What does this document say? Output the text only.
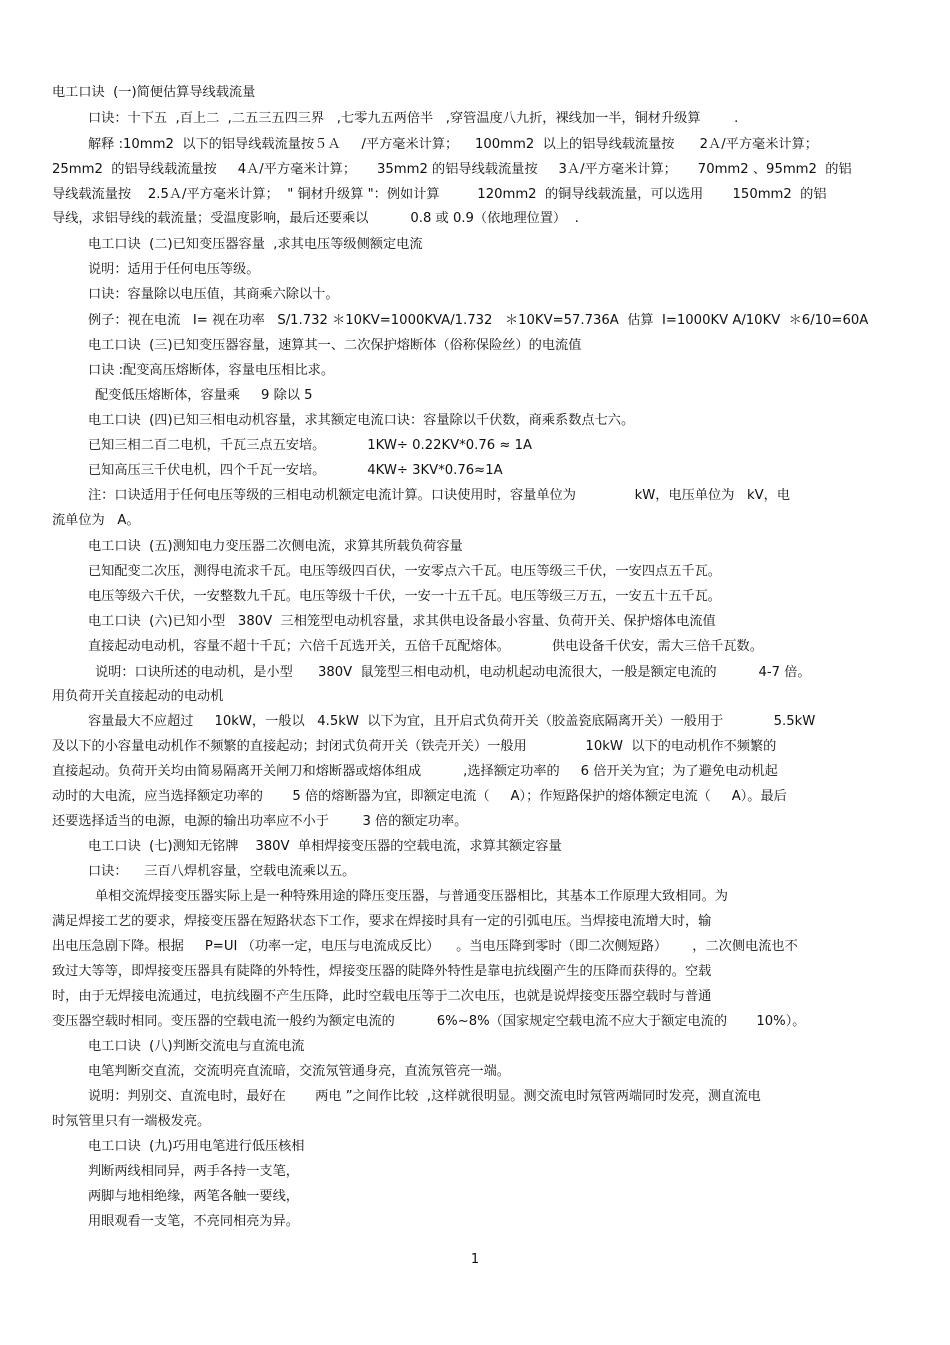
1
电工口诀  (一)简便估算导线载流量
口诀：十下五  ,百上二  ,二五三五四三界   ,七零九五两倍半   ,穿管温度八九折，裸线加一半，铜材升级算        .
解释 :10mm2  以下的铝导线载流量按５Ａ     /平方毫米计算；    100mm2  以上的铝导线载流量按      2Ａ/平方毫米计算；
25mm2  的铝导线载流量按     4Ａ/平方毫米计算；     35mm2 的铝导线载流量按     3Ａ/平方毫米计算；     70mm2 、95mm2  的铝
导线载流量按    2.5Ａ/平方毫米计算；  " 铜材升级算 "：例如计算         120mm2  的铜导线载流量，可以选用       150mm2  的铝
导线，求铝导线的载流量；受温度影响，最后还要乘以          0.8 或 0.9（依地理位置）  .
电工口诀  (二)已知变压器容量  ,求其电压等级侧额定电流
说明：适用于任何电压等级。
口诀：容量除以电压值，其商乘六除以十。
例子：视在电流   I= 视在功率   S/1.732 ＊10KV=1000KVA/1.732   ＊10KV=57.736A  估算  I=1000KV A/10KV  ＊6/10=60A
电工口诀  (三)已知变压器容量，速算其一、二次保护熔断体（俗称保险丝）的电流值
口诀 :配变高压熔断体，容量电压相比求。
配变低压熔断体，容量乘     9 除以 5
电工口诀  (四)已知三相电动机容量，求其额定电流口诀：容量除以千伏数，商乘系数点七六。
已知三相二百二电机，千瓦三点五安培。          1KW÷ 0.22KV*0.76 ≈ 1A
已知高压三千伏电机，四个千瓦一安培。          4KW÷ 3KV*0.76≈1A
注：口诀适用于任何电压等级的三相电动机额定电流计算。口诀使用时，容量单位为              kW，电压单位为   kV，电
流单位为   A。
电工口诀  (五)测知电力变压器二次侧电流，求算其所载负荷容量
已知配变二次压，测得电流求千瓦。电压等级四百伏，一安零点六千瓦。电压等级三千伏，一安四点五千瓦。
电压等级六千伏，一安整数九千瓦。电压等级十千伏，一安一十五千瓦。电压等级三万五，一安五十五千瓦。
电工口诀  (六)已知小型   380V  三相笼型电动机容量，求其供电设备最小容量、负荷开关、保护熔体电流值
直接起动电动机，容量不超十千瓦；六倍千瓦选开关，五倍千瓦配熔体。          供电设备千伏安，需大三倍千瓦数。
说明：口诀所述的电动机，是小型      380V  鼠笼型三相电动机，电动机起动电流很大，一般是额定电流的          4-7 倍。
用负荷开关直接起动的电动机
容量最大不应超过     10kW，一般以   4.5kW  以下为宜，且开启式负荷开关（胶盖瓷底隔离开关）一般用于            5.5kW
及以下的小容量电动机作不频繁的直接起动；封闭式负荷开关（铁壳开关）一般用              10kW  以下的电动机作不频繁的
直接起动。负荷开关均由简易隔离开关闸刀和熔断器或熔体组成          ,选择额定功率的     6 倍开关为宜；为了避免电动机起
动时的大电流，应当选择额定功率的       5 倍的熔断器为宜，即额定电流（     A）；作短路保护的熔体额定电流（     A）。最后
还要选择适当的电源，电源的输出功率应不小于        3 倍的额定功率。
电工口诀  (七)测知无铭牌    380V  单相焊接变压器的空载电流，求算其额定容量
口诀：    三百八焊机容量，空载电流乘以五。
单相交流焊接变压器实际上是一种特殊用途的降压变压器，与普通变压器相比，其基本工作原理大致相同。为
满足焊接工艺的要求，焊接变压器在短路状态下工作，要求在焊接时具有一定的引弧电压。当焊接电流增大时，输
出电压急剧下降。根据     P=UI （功率一定，电压与电流成反比）    。当电压降到零时（即二次侧短路）      ，二次侧电流也不
致过大等等，即焊接变压器具有陡降的外特性，焊接变压器的陡降外特性是靠电抗线圈产生的压降而获得的。空载
时，由于无焊接电流通过，电抗线圈不产生压降，此时空载电压等于二次电压，也就是说焊接变压器空载时与普通
变压器空载时相同。变压器的空载电流一般约为额定电流的          6%~8%（国家规定空载电流不应大于额定电流的       10%）。
电工口诀  (八)判断交流电与直流电流
电笔判断交直流，交流明亮直流暗，交流氖管通身亮，直流氖管亮一端。
说明：判别交、直流电时，最好在       两电 ”之间作比较  ,这样就很明显。测交流电时氖管两端同时发亮，测直流电
时氖管里只有一端极发亮。
电工口诀  (九)巧用电笔进行低压核相
判断两线相同异，两手各持一支笔，
两脚与地相绝缘，两笔各触一要线，
用眼观看一支笔，不亮同相亮为异。
